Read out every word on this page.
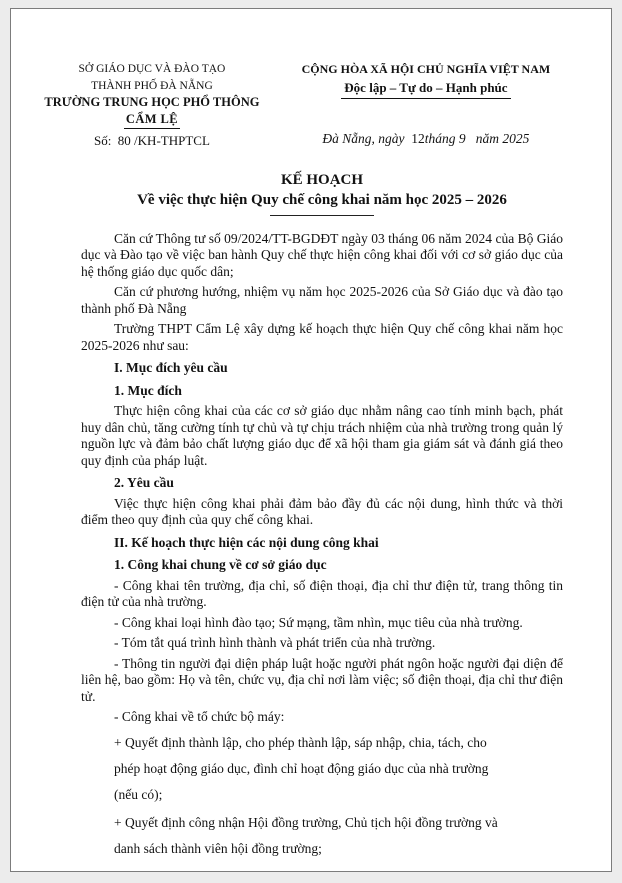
SỞ GIÁO DỤC VÀ ĐÀO TẠO
THÀNH PHỐ ĐÀ NẴNG
TRƯỜNG TRUNG HỌC PHỔ THÔNG
CẨM LỆ
Số:  80 /KH-THPTCL
CỘNG HÒA XÃ HỘI CHỦ NGHĨA VIỆT NAM
Độc lập – Tự do – Hạnh phúc
Đà Nẵng, ngày  12tháng 9   năm 2025
KẾ HOẠCH
Về việc thực hiện Quy chế công khai năm học 2025 – 2026

Căn cứ Thông tư số 09/2024/TT-BGDĐT ngày 03 tháng 06 năm 2024 của Bộ Giáo dục và Đào tạo về việc ban hành Quy chế thực hiện công khai đối với cơ sở giáo dục của hệ thống giáo dục quốc dân;

Căn cứ phương hướng, nhiệm vụ năm học 2025-2026 của Sở Giáo dục và đào tạo thành phố Đà Nẵng

Trường THPT Cẩm Lệ xây dựng kế hoạch thực hiện Quy chế công khai năm học 2025-2026 như sau:

I. Mục đích yêu cầu

1. Mục đích

Thực hiện công khai của các cơ sở giáo dục nhằm nâng cao tính minh bạch, phát huy dân chủ, tăng cường tính tự chủ và tự chịu trách nhiệm của nhà trường trong quản lý nguồn lực và đảm bảo chất lượng giáo dục để xã hội tham gia giám sát và đánh giá theo quy định của pháp luật.

2. Yêu cầu

Việc thực hiện công khai phải đảm bảo đầy đủ các nội dung, hình thức và thời điểm theo quy định của quy chế công khai.

II. Kế hoạch thực hiện các nội dung công khai

1. Công khai chung về cơ sở giáo dục

- Công khai tên trường, địa chỉ, số điện thoại, địa chỉ thư điện tử, trang thông tin điện tử của nhà trường.

- Công khai loại hình đào tạo; Sứ mạng, tầm nhìn, mục tiêu của nhà trường.

- Tóm tắt quá trình hình thành và phát triển của nhà trường.

- Thông tin người đại diện pháp luật hoặc người phát ngôn hoặc người đại diện để liên hệ, bao gồm: Họ và tên, chức vụ, địa chỉ nơi làm việc; số điện thoại, địa chỉ thư điện tử.

- Công khai về tổ chức bộ máy:

+ Quyết định thành lập, cho phép thành lập, sáp nhập, chia, tách, cho phép hoạt động giáo dục, đình chỉ hoạt động giáo dục của nhà trường (nếu có);

+ Quyết định công nhận Hội đồng trường, Chủ tịch hội đồng trường và danh sách thành viên hội đồng trường;
